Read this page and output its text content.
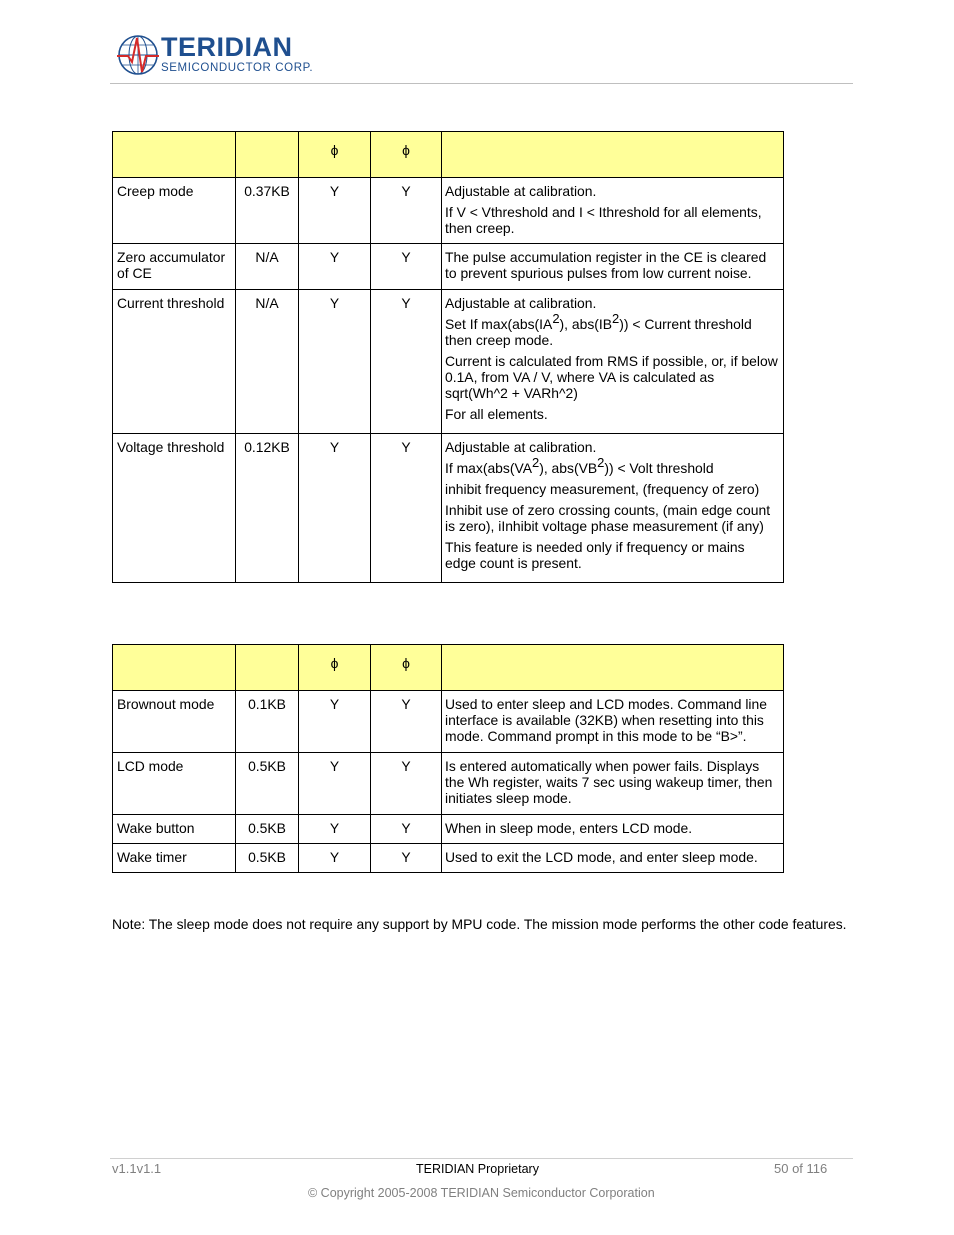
TERIDIAN
SEMICONDUCTOR CORP.
		ϕ	ϕ	
Creep mode	0.37KB	Y	Y	Adjustable at calibration.

If V < Vthreshold and I < Ithreshold for all elements, then creep.

Zero accumulator of CE	N/A	Y	Y	The pulse accumulation register in the CE is cleared to prevent spurious pulses from low current noise.

Current threshold	N/A	Y	Y	Adjustable at calibration.

Set If $\max(abs(IA^2)$, $abs(IB^2)$) < Current threshold then creep mode.

Current is calculated from RMS if possible, or, if below 0.1A, from VA / V, where VA is calculated as sqrt(Wh^2 + VARh^2)

For all elements.

Voltage threshold	0.12KB	Y	Y	Adjustable at calibration.

If $\max(abs(VA^2)$, $abs(VB^2)$) < Volt threshold

inhibit frequency measurement, (frequency of zero)

Inhibit use of zero crossing counts, (main edge count is zero), iInhibit voltage phase measurement (if any)

This feature is needed only if frequency or mains edge count is present.

		ϕ	ϕ	
Brownout mode	0.1KB	Y	Y	Used to enter sleep and LCD modes. Command line interface is available (32KB) when resetting into this mode. Command prompt in this mode to be “B>”.

LCD mode	0.5KB	Y	Y	Is entered automatically when power fails. Displays the Wh register, waits 7 sec using wakeup timer, then initiates sleep mode.

Wake button	0.5KB	Y	Y	When in sleep mode, enters LCD mode.

Wake timer	0.5KB	Y	Y	Used to exit the LCD mode, and enter sleep mode.

Note: The sleep mode does not require any support by MPU code. The mission mode performs the other code features.
v1.1v1.1	TERIDIAN Proprietary	50 of 116
© Copyright 2005-2008 TERIDIAN Semiconductor Corporation
